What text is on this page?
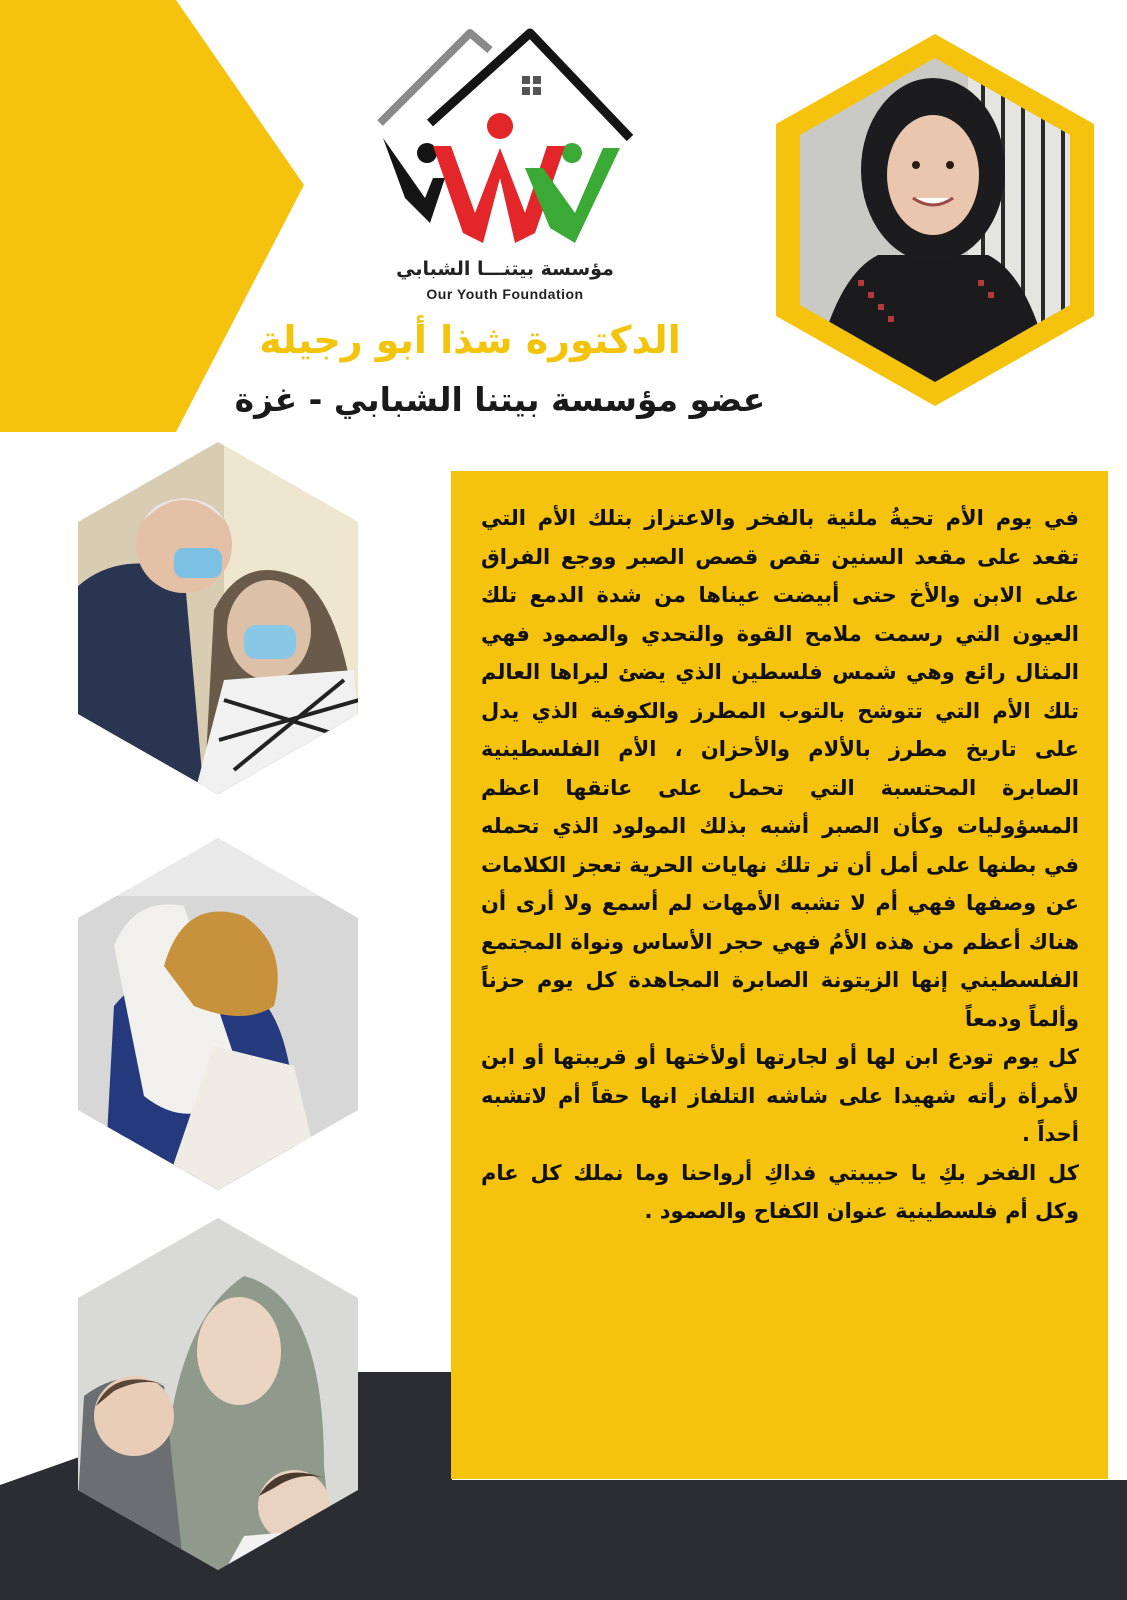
مؤسسة بيتنـــا الشبابي
Our Youth Foundation
الدكتورة شذا أبو رجيلة
عضو مؤسسة بيتنا الشبابي - غزة

في يوم الأم تحيةُ ملئية بالفخر والاعتزاز بتلك الأم التي تقعد على مقعد السنين تقص قصص الصبر ووجع الفراق على الابن والأخ حتى أبيضت عيناها من شدة الدمع تلك العيون التي رسمت ملامح القوة والتحدي والصمود فهي المثال رائع وهي شمس فلسطين الذي يضئ ليراها العالم تلك الأم التي تتوشح بالتوب المطرز والكوفية الذي يدل على تاريخ مطرز بالألام والأحزان ، الأم الفلسطينية الصابرة المحتسبة التي تحمل على عاتقها اعظم المسؤوليات وكأن الصبر أشبه بذلك المولود الذي تحمله في بطنها على أمل أن تر تلك نهايات الحرية تعجز الكلامات عن وصفها فهي أم لا تشبه الأمهات لم أسمع ولا أرى أن هناك أعظم من هذه الأمُ فهي حجر الأساس ونواة المجتمع الفلسطيني إنها الزيتونة الصابرة المجاهدة كل يوم حزناً وألماً ودمعاً

كل يوم تودع ابن لها أو لجارتها أولأختها أو قريبتها أو ابن لأمرأة رأته شهيدا على شاشه التلفاز انها حقاً أم لاتشبه أحداً .

كل الفخر بكِ يا حبيبتي فداكِ أرواحنا وما نملك كل عام وكل أم فلسطينية عنوان الكفاح والصمود .
